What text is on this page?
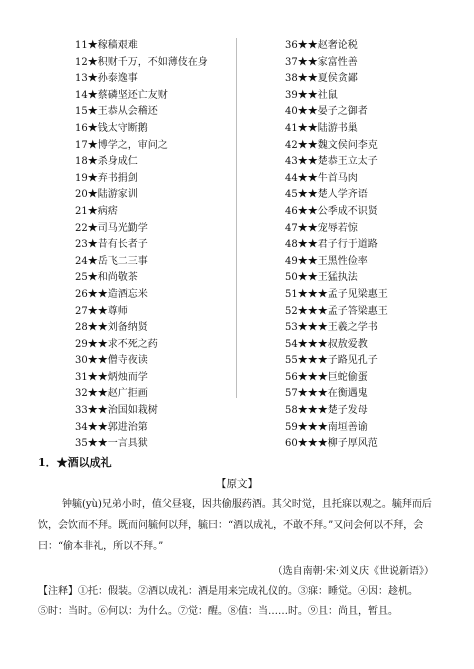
11★稼穑艰难
12★积财千万，不如薄伎在身
13★孙泰逸事
14★蔡磷坚还亡友财
15★王恭从会稽还
16★钱太守断鹅
17★博学之，审问之
18★杀身成仁
19★弃书捐剑
20★陆游家训
21★病痞
22★司马光勤学
23★昔有长者子
24★岳飞二三事
25★和尚敬茶
26★★造酒忘米
27★★尊师
28★★刘备纳贤
29★★求不死之药
30★★僧寺夜读
31★★炳烛而学
32★★赵广拒画
33★★治国如栽树
34★★郭进治第
35★★一言具狱
36★★赵奢论税
37★★家富性善
38★★夏侯贪鄙
39★★社鼠
40★★晏子之御者
41★★陆游书巢
42★★魏文侯问李克
43★★楚恭王立太子
44★★牛首马肉
45★★楚人学齐语
46★★公季成不识贤
47★★宠辱若惊
48★★君子行于道路
49★★王黑性俭率
50★★王猛执法
51★★★孟子见梁惠王
52★★★孟子答梁惠王
53★★★王羲之学书
54★★★叔敖爱教
55★★★子路见孔子
56★★★巨蛇偷蛋
57★★★在衡遇鬼
58★★★楚子发母
59★★★南垣善谕
60★★★柳子厚风范
1．★酒以成礼
【原文】
钟毓(yù)兄弟小时，值父昼寝，因共偷服药酒。其父时觉，且托寐以观之。毓拜而后饮，会饮而不拜。既而问毓何以拜，毓曰：“酒以成礼，不敢不拜。”又问会何以不拜，会曰：“偷本非礼，所以不拜。”
（选自南朝·宋·刘义庆《世说新语》）
【注释】①托：假装。②酒以成礼：酒是用来完成礼仪的。③寐：睡觉。④因：趁机。
⑤时：当时。⑥何以：为什么。⑦觉：醒。⑧值：当……时。⑨且：尚且，暂且。
